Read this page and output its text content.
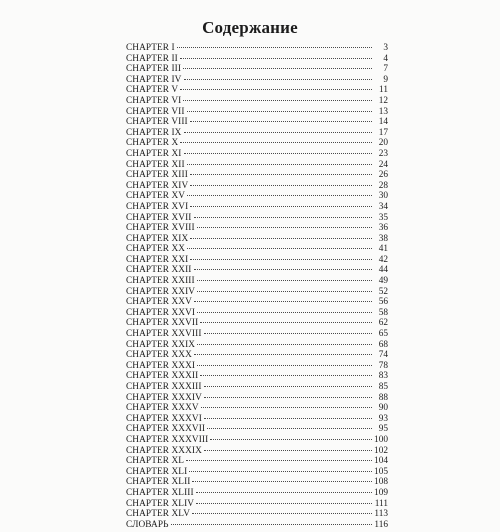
Содержание
CHAPTER I	3
CHAPTER II	4
CHAPTER III	7
CHAPTER IV	9
CHAPTER V	11
CHAPTER VI	12
CHAPTER VII	13
CHAPTER VIII	14
CHAPTER IX	17
CHAPTER X	20
CHAPTER XI	23
CHAPTER XII	24
CHAPTER XIII	26
CHAPTER XIV	28
CHAPTER XV	30
CHAPTER XVI	34
CHAPTER XVII	35
CHAPTER XVIII	36
CHAPTER XIX	38
CHAPTER XX	41
CHAPTER XXI	42
CHAPTER XXII	44
CHAPTER XXIII	49
CHAPTER XXIV	52
CHAPTER XXV	56
CHAPTER XXVI	58
CHAPTER XXVII	62
CHAPTER XXVIII	65
CHAPTER XXIX	68
CHAPTER XXX	74
CHAPTER XXXI	78
CHAPTER XXXII	83
CHAPTER XXXIII	85
CHAPTER XXXIV	88
CHAPTER XXXV	90
CHAPTER XXXVI	93
CHAPTER XXXVII	95
CHAPTER XXXVIII	100
CHAPTER XXXIX	102
CHAPTER XL	104
CHAPTER XLI	105
CHAPTER XLII	108
CHAPTER XLIII	109
CHAPTER XLIV	111
CHAPTER XLV	113
СЛОВАРЬ	116
